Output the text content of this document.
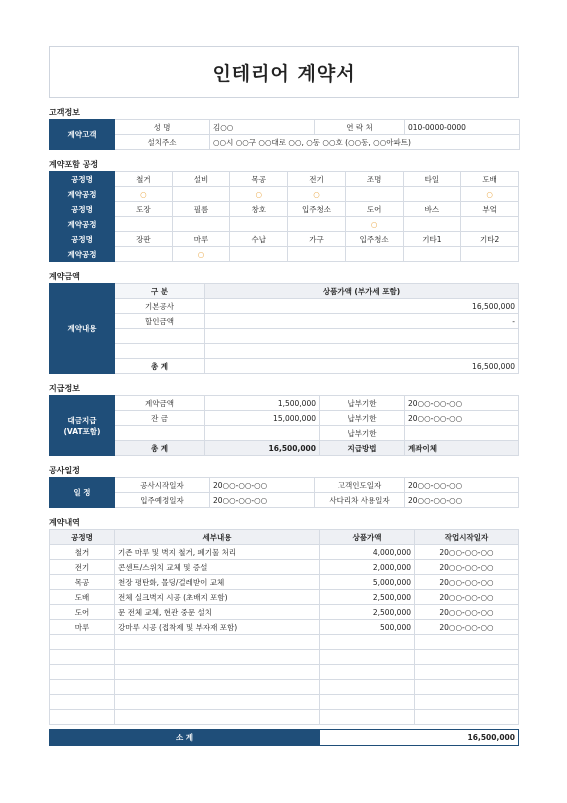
인테리어 계약서
고객정보
계약고객	성 명	김○○	연 락 처	010-0000-0000
	설치주소	○○시 ○○구 ○○대로 ○○, ○동 ○○호 (○○동, ○○아파트)		
계약포함 공정
공정명	철거	설비	목공	전기	조명	타일	도배
계약공정	○		○	○			○
공정명	도장	필름	창호	입주청소	도어	바스	부엌
계약공정					○		
공정명	장판	마루	수납	가구	입주청소	기타1	기타2
계약공정		○					
계약금액
계약내용	구 분	상품가액 (부가세 포함)
	기본공사	16,500,000
	할인금액	-

	총 계	16,500,000
지급정보
대금지급
(VAT포함)	계약금액	1,500,000	납부기한	20○○-○○-○○
	잔 금	15,000,000	납부기한	20○○-○○-○○
			납부기한	
	총 계	16,500,000	지급방법	계좌이체
공사일정
일 정	공사시작일자	20○○-○○-○○	고객인도일자	20○○-○○-○○
	입주예정일자	20○○-○○-○○	사다리차 사용일자	20○○-○○-○○
계약내역
공정명	세부내용	상품가액	작업시작일자
철거	기존 마루 및 벽지 철거, 폐기물 처리	4,000,000	20○○-○○-○○
전기	콘센트/스위치 교체 및 증설	2,000,000	20○○-○○-○○
목공	천장 평탄화, 몰딩/걸레받이 교체	5,000,000	20○○-○○-○○
도배	전체 실크벽지 시공 (초배지 포함)	2,500,000	20○○-○○-○○
도어	문 전체 교체, 현관 중문 설치	2,500,000	20○○-○○-○○
마루	강마루 시공 (접착제 및 부자재 포함)	500,000	20○○-○○-○○

소 계	16,500,000
